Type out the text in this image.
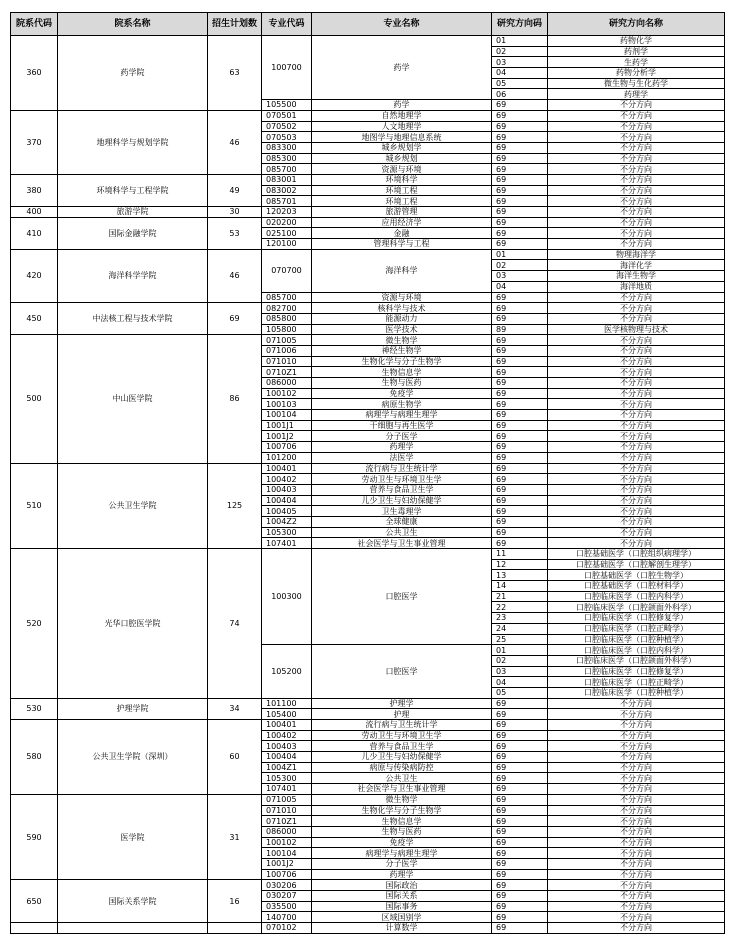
院系代码	院系名称	招生计划数	专业代码	专业名称	研究方向码	研究方向名称
360	药学院	63	100700	药学	01	药物化学
					02	药剂学
					03	生药学
					04	药物分析学
					05	微生物与生化药学
					06	药理学
			105500	药学	69	不分方向
370	地理科学与规划学院	46	070501	自然地理学	69	不分方向
			070502	人文地理学	69	不分方向
			070503	地图学与地理信息系统	69	不分方向
			083300	城乡规划学	69	不分方向
			085300	城乡规划	69	不分方向
			085700	资源与环境	69	不分方向
380	环境科学与工程学院	49	083001	环境科学	69	不分方向
			083002	环境工程	69	不分方向
			085701	环境工程	69	不分方向
400	旅游学院	30	120203	旅游管理	69	不分方向
410	国际金融学院	53	020200	应用经济学	69	不分方向
			025100	金融	69	不分方向
			120100	管理科学与工程	69	不分方向
420	海洋科学学院	46	070700	海洋科学	01	物理海洋学
					02	海洋化学
					03	海洋生物学
					04	海洋地质
			085700	资源与环境	69	不分方向
450	中法核工程与技术学院	69	082700	核科学与技术	69	不分方向
			085800	能源动力	69	不分方向
			105800	医学技术	89	医学核物理与技术
500	中山医学院	86	071005	微生物学	69	不分方向
			071006	神经生物学	69	不分方向
			071010	生物化学与分子生物学	69	不分方向
			0710Z1	生物信息学	69	不分方向
			086000	生物与医药	69	不分方向
			100102	免疫学	69	不分方向
			100103	病原生物学	69	不分方向
			100104	病理学与病理生理学	69	不分方向
			1001J1	干细胞与再生医学	69	不分方向
			1001J2	分子医学	69	不分方向
			100706	药理学	69	不分方向
			101200	法医学	69	不分方向
510	公共卫生学院	125	100401	流行病与卫生统计学	69	不分方向
			100402	劳动卫生与环境卫生学	69	不分方向
			100403	营养与食品卫生学	69	不分方向
			100404	儿少卫生与妇幼保健学	69	不分方向
			100405	卫生毒理学	69	不分方向
			1004Z2	全球健康	69	不分方向
			105300	公共卫生	69	不分方向
			107401	社会医学与卫生事业管理	69	不分方向
520	光华口腔医学院	74	100300	口腔医学	11	口腔基础医学（口腔组织病理学）
					12	口腔基础医学（口腔解剖生理学）
					13	口腔基础医学（口腔生物学）
					14	口腔基础医学（口腔材料学）
					21	口腔临床医学（口腔内科学）
					22	口腔临床医学（口腔颌面外科学）
					23	口腔临床医学（口腔修复学）
					24	口腔临床医学（口腔正畸学）
					25	口腔临床医学（口腔种植学）
			105200	口腔医学	01	口腔临床医学（口腔内科学）
					02	口腔临床医学（口腔颌面外科学）
					03	口腔临床医学（口腔修复学）
					04	口腔临床医学（口腔正畸学）
					05	口腔临床医学（口腔种植学）
530	护理学院	34	101100	护理学	69	不分方向
			105400	护理	69	不分方向
580	公共卫生学院（深圳）	60	100401	流行病与卫生统计学	69	不分方向
			100402	劳动卫生与环境卫生学	69	不分方向
			100403	营养与食品卫生学	69	不分方向
			100404	儿少卫生与妇幼保健学	69	不分方向
			1004Z1	病原与传染病防控	69	不分方向
			105300	公共卫生	69	不分方向
			107401	社会医学与卫生事业管理	69	不分方向
590	医学院	31	071005	微生物学	69	不分方向
			071010	生物化学与分子生物学	69	不分方向
			0710Z1	生物信息学	69	不分方向
			086000	生物与医药	69	不分方向
			100102	免疫学	69	不分方向
			100104	病理学与病理生理学	69	不分方向
			1001J2	分子医学	69	不分方向
			100706	药理学	69	不分方向
650	国际关系学院	16	030206	国际政治	69	不分方向
			030207	国际关系	69	不分方向
			035500	国际事务	69	不分方向
			140700	区域国别学	69	不分方向
			070102	计算数学	69	不分方向
